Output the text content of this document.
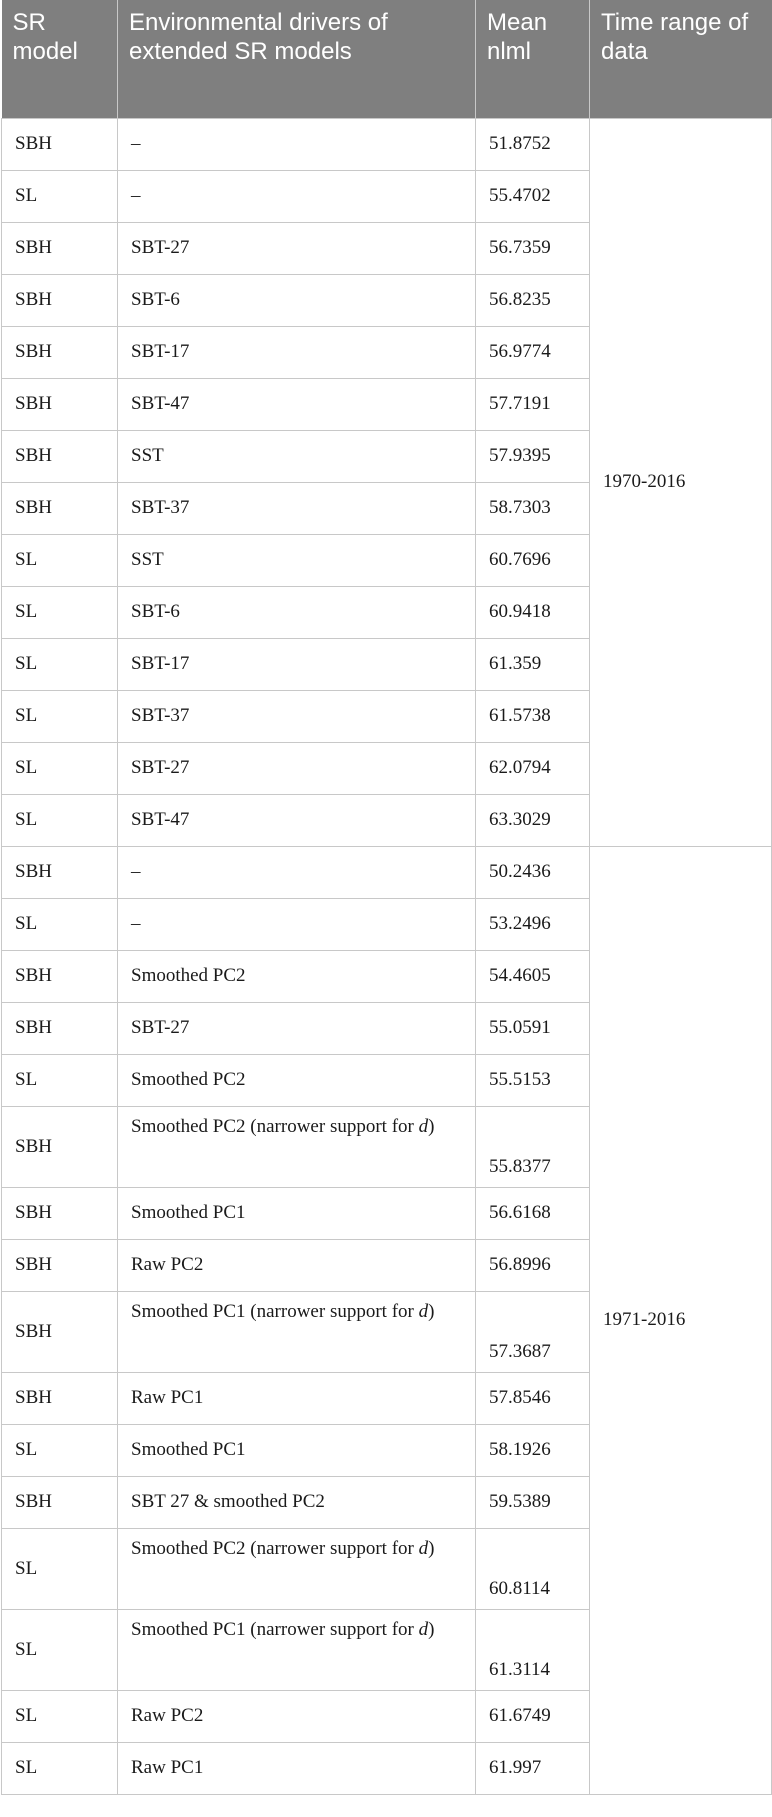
SR model	Environmental drivers of extended SR models	Mean nlml	Time range of data
SBH	–	51.8752	1970-2016
SL	–	55.4702	
SBH	SBT-27	56.7359	
SBH	SBT-6	56.8235	
SBH	SBT-17	56.9774	
SBH	SBT-47	57.7191	
SBH	SST	57.9395	
SBH	SBT-37	58.7303	
SL	SST	60.7696	
SL	SBT-6	60.9418	
SL	SBT-17	61.359	
SL	SBT-37	61.5738	
SL	SBT-27	62.0794	
SL	SBT-47	63.3029	
SBH	–	50.2436	1971-2016
SL	–	53.2496	
SBH	Smoothed PC2	54.4605	
SBH	SBT-27	55.0591	
SL	Smoothed PC2	55.5153	
SBH	Smoothed PC2 (narrower support for d)	55.8377	
SBH	Smoothed PC1	56.6168	
SBH	Raw PC2	56.8996	
SBH	Smoothed PC1 (narrower support for d)	57.3687	
SBH	Raw PC1	57.8546	
SL	Smoothed PC1	58.1926	
SBH	SBT 27 & smoothed PC2	59.5389	
SL	Smoothed PC2 (narrower support for d)	60.8114	
SL	Smoothed PC1 (narrower support for d)	61.3114	
SL	Raw PC2	61.6749	
SL	Raw PC1	61.997	
